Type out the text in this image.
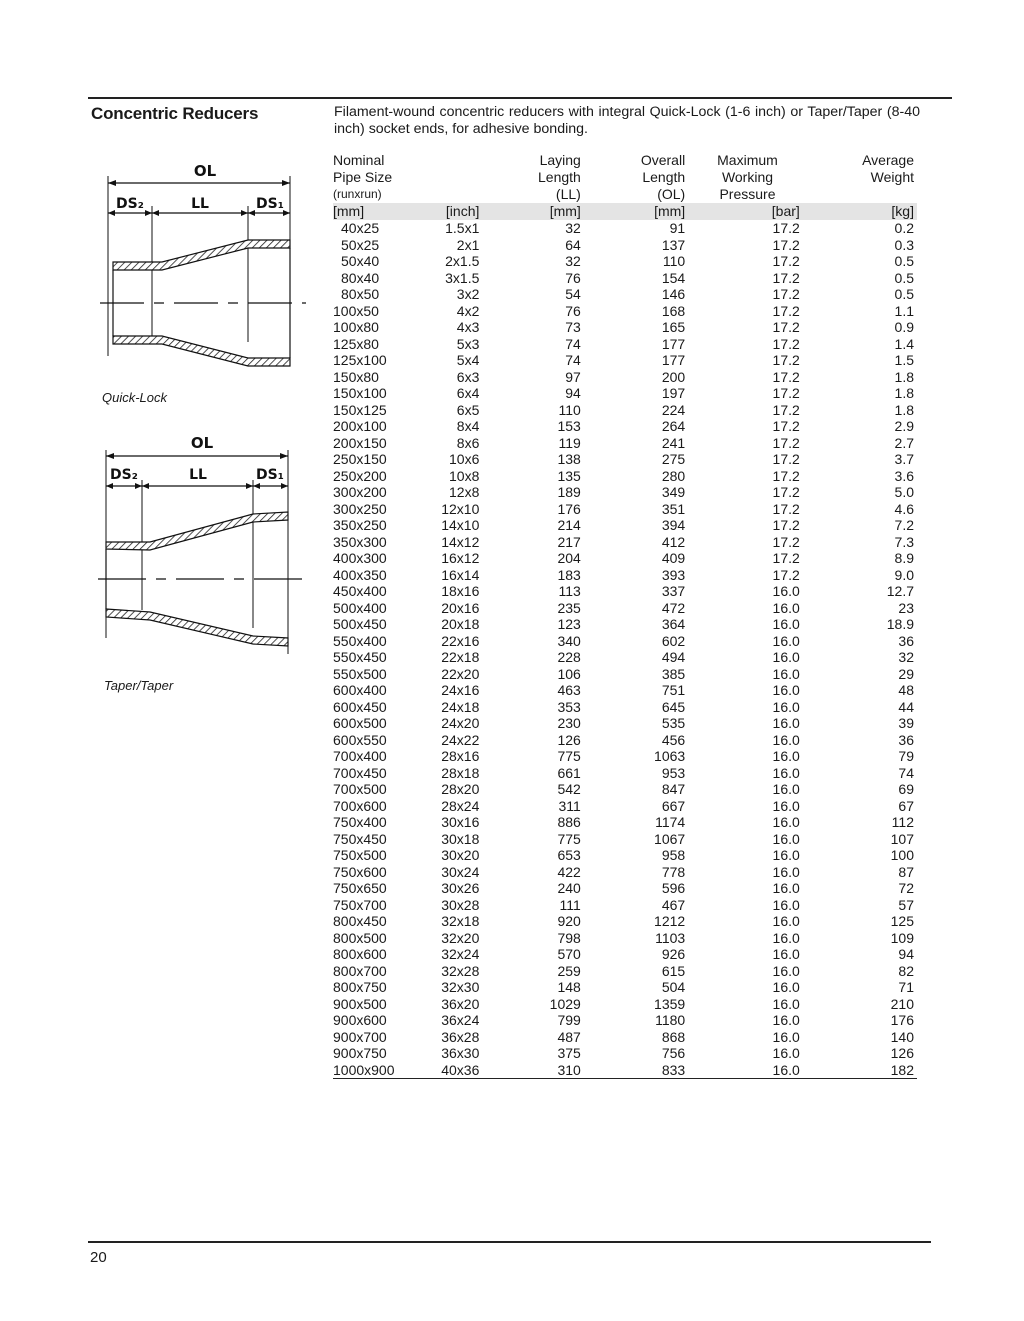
Concentric Reducers	Filament-wound concentric reducers with integral Quick-Lock (1-6 inch) or Taper/Taper (8-40 inch) socket ends, for adhesive bonding.
OL
DS₂	LL	DS₁
Quick-Lock
OL
DS₂	LL	DS₁
Taper/Taper
Nominal		Laying	Overall	Maximum	Average
Pipe Size		Length	Length	Working	Weight
(runxrun)		(LL)	(OL)	Pressure	
[mm]	[inch]	[mm]	[mm]	[bar]	[kg]
40x25	1.5x1	32	91	17.2	0.2
50x25	2x1	64	137	17.2	0.3
50x40	2x1.5	32	110	17.2	0.5
80x40	3x1.5	76	154	17.2	0.5
80x50	3x2	54	146	17.2	0.5
100x50	4x2	76	168	17.2	1.1
100x80	4x3	73	165	17.2	0.9
125x80	5x3	74	177	17.2	1.4
125x100	5x4	74	177	17.2	1.5
150x80	6x3	97	200	17.2	1.8
150x100	6x4	94	197	17.2	1.8
150x125	6x5	110	224	17.2	1.8
200x100	8x4	153	264	17.2	2.9
200x150	8x6	119	241	17.2	2.7
250x150	10x6	138	275	17.2	3.7
250x200	10x8	135	280	17.2	3.6
300x200	12x8	189	349	17.2	5.0
300x250	12x10	176	351	17.2	4.6
350x250	14x10	214	394	17.2	7.2
350x300	14x12	217	412	17.2	7.3
400x300	16x12	204	409	17.2	8.9
400x350	16x14	183	393	17.2	9.0
450x400	18x16	113	337	16.0	12.7
500x400	20x16	235	472	16.0	23
500x450	20x18	123	364	16.0	18.9
550x400	22x16	340	602	16.0	36
550x450	22x18	228	494	16.0	32
550x500	22x20	106	385	16.0	29
600x400	24x16	463	751	16.0	48
600x450	24x18	353	645	16.0	44
600x500	24x20	230	535	16.0	39
600x550	24x22	126	456	16.0	36
700x400	28x16	775	1063	16.0	79
700x450	28x18	661	953	16.0	74
700x500	28x20	542	847	16.0	69
700x600	28x24	311	667	16.0	67
750x400	30x16	886	1174	16.0	112
750x450	30x18	775	1067	16.0	107
750x500	30x20	653	958	16.0	100
750x600	30x24	422	778	16.0	87
750x650	30x26	240	596	16.0	72
750x700	30x28	111	467	16.0	57
800x450	32x18	920	1212	16.0	125
800x500	32x20	798	1103	16.0	109
800x600	32x24	570	926	16.0	94
800x700	32x28	259	615	16.0	82
800x750	32x30	148	504	16.0	71
900x500	36x20	1029	1359	16.0	210
900x600	36x24	799	1180	16.0	176
900x700	36x28	487	868	16.0	140
900x750	36x30	375	756	16.0	126
1000x900	40x36	310	833	16.0	182
20
